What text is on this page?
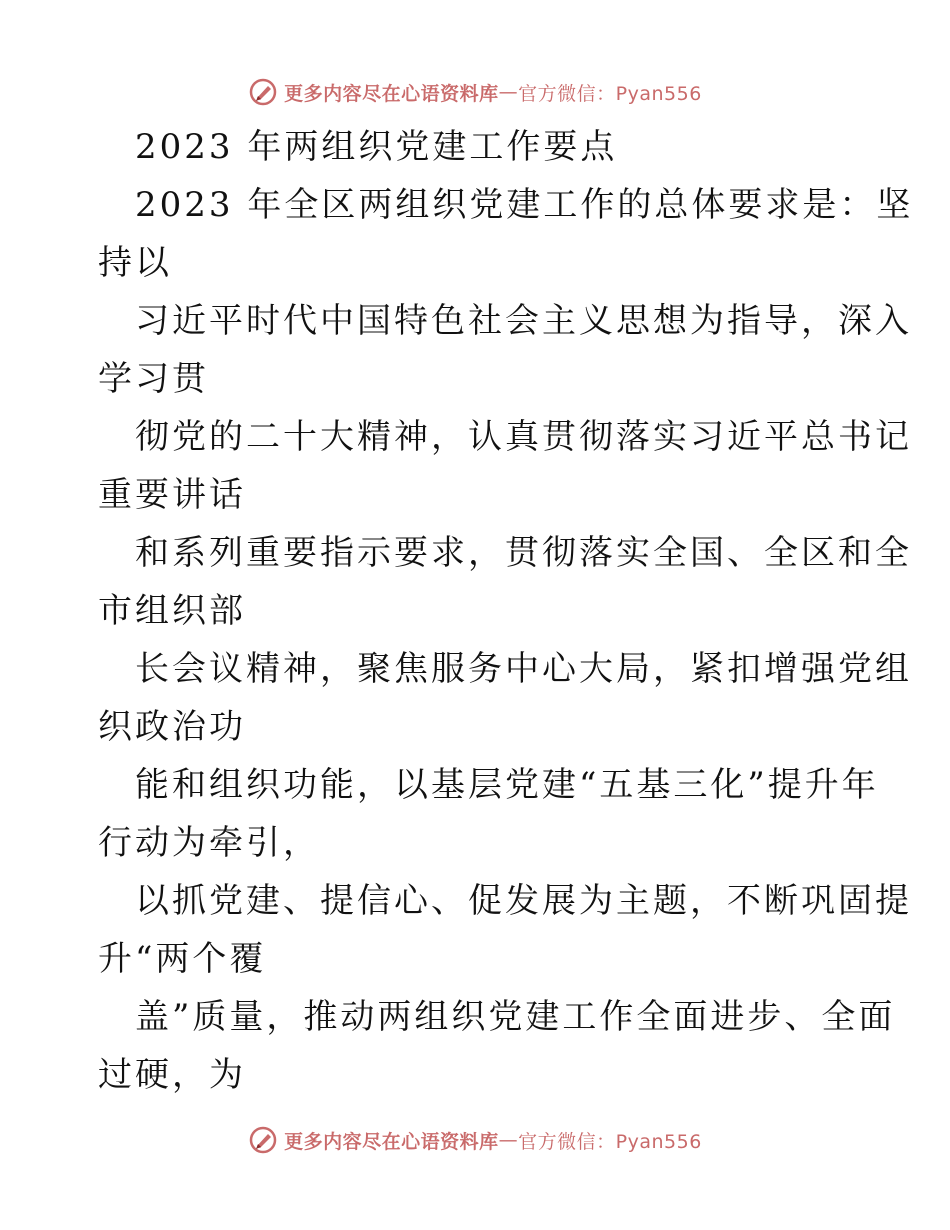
更多内容尽在心语资料库 — 官方微信：Pyan556
2023 年两组织党建工作要点
2023 年全区两组织党建工作的总体要求是：坚
持以
习近平时代中国特色社会主义思想为指导，深入
学习贯
彻党的二十大精神，认真贯彻落实习近平总书记
重要讲话
和系列重要指示要求，贯彻落实全国、全区和全
市组织部
长会议精神，聚焦服务中心大局，紧扣增强党组
织政治功
能和组织功能，以基层党建“五基三化”提升年
行动为牵引，
以抓党建、提信心、促发展为主题，不断巩固提
升“两个覆
盖”质量，推动两组织党建工作全面进步、全面
过硬，为
更多内容尽在心语资料库 — 官方微信：Pyan556
